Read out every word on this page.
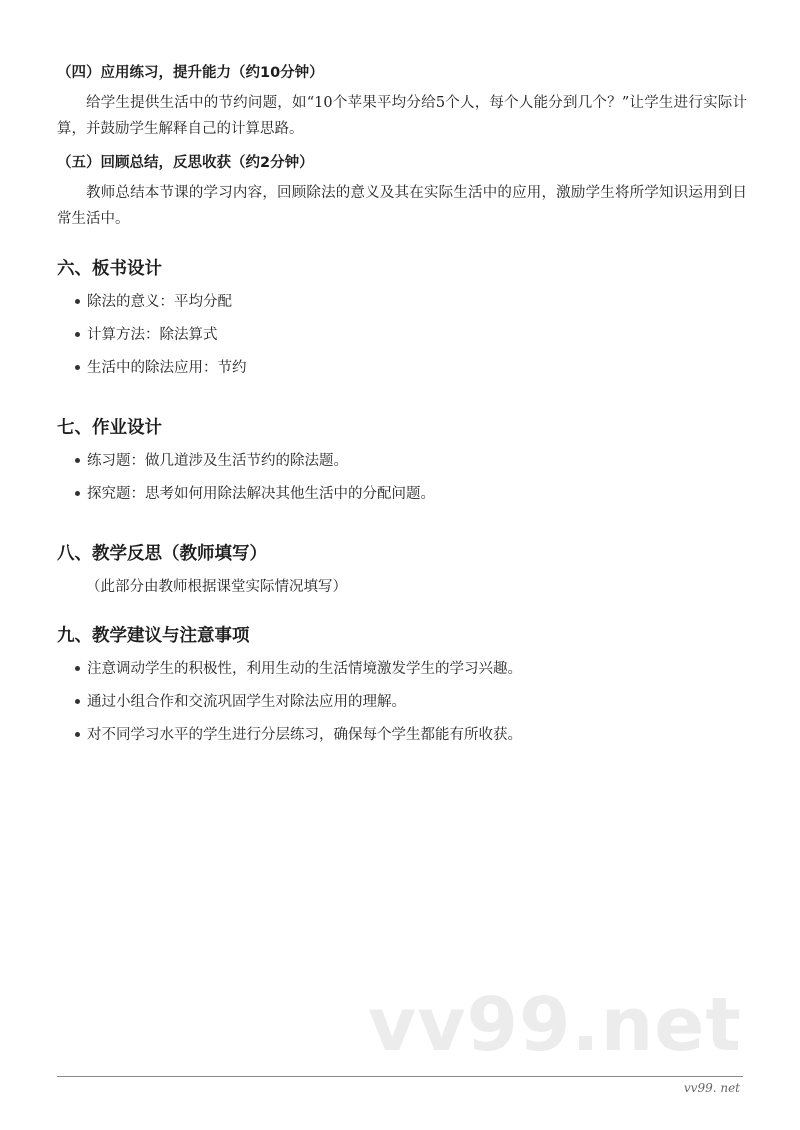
（四）应用练习，提升能力（约10分钟）

给学生提供生活中的节约问题，如“10个苹果平均分给5个人，每个人能分到几个？”让学生进行实际计算，并鼓励学生解释自己的计算思路。

（五）回顾总结，反思收获（约2分钟）

教师总结本节课的学习内容，回顾除法的意义及其在实际生活中的应用，激励学生将所学知识运用到日常生活中。

六、板书设计
除法的意义：平均分配
计算方法：除法算式
生活中的除法应用：节约
七、作业设计
练习题：做几道涉及生活节约的除法题。
探究题：思考如何用除法解决其他生活中的分配问题。
八、教学反思（教师填写）

（此部分由教师根据课堂实际情况填写）

九、教学建议与注意事项
注意调动学生的积极性，利用生动的生活情境激发学生的学习兴趣。
通过小组合作和交流巩固学生对除法应用的理解。
对不同学习水平的学生进行分层练习，确保每个学生都能有所收获。
vv99.net
vv99. net
